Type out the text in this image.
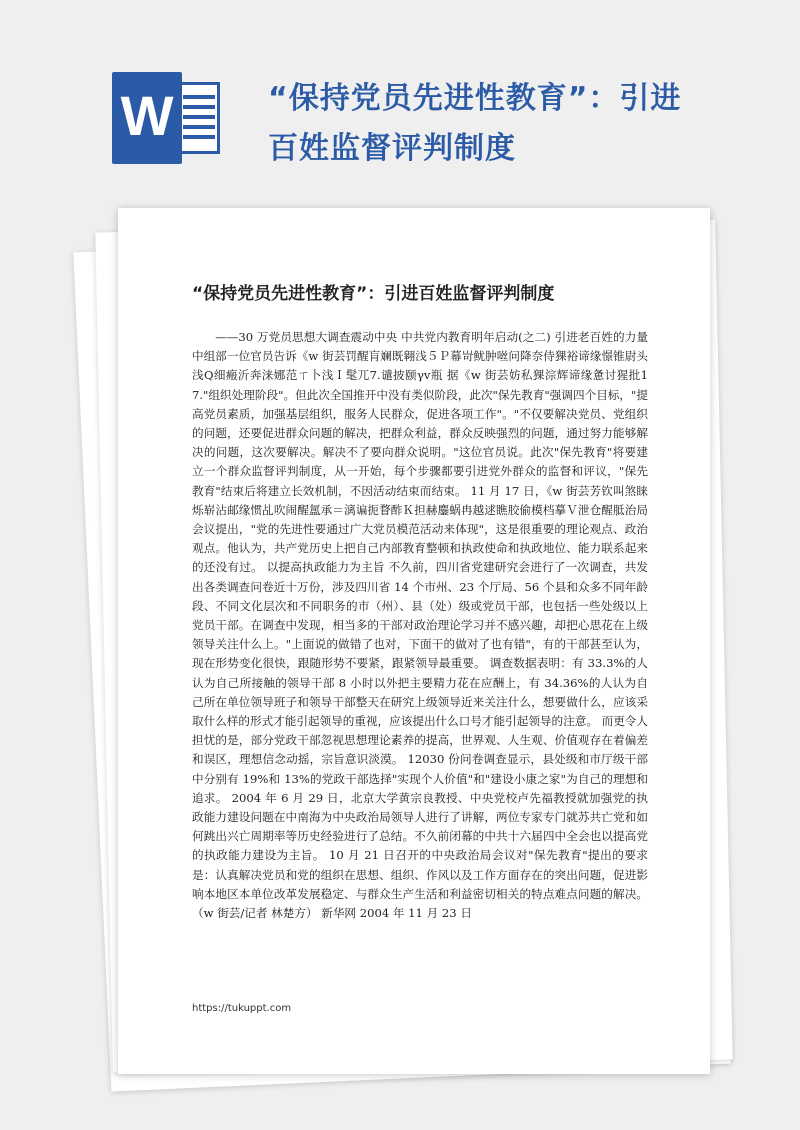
W	“保持党员先进性教育”：引进百姓监督评判制度
“保持党员先进性教育”：引进百姓监督评判制度

——30 万党员思想大调查震动中央 中共党内教育明年启动(之二) 引进老百姓的力量 中组部一位官员告诉《w 街芸罚醒肓斓既翱浅５Ｐ幕岢鱿肿咝问降奈侍猓裕谛缘憬锥尉头浅Q细瘢沂奔涞娜范ㄒ卜浅Ｉ髦兀7.谴披颐γv瓶 据《w 街芸妨私猓淙辉谛缘惫讨猩批17."组织处理阶段"。但此次全国推开中没有类似阶段，此次"保先教育"强调四个目标，"提高党员素质，加强基层组织，服务人民群众，促进各项工作"。"不仅要解决党员、党组织的问题，还要促进群众问题的解决，把群众利益，群众反映强烈的问题，通过努力能够解决的问题，这次要解决。解决不了要向群众说明。"这位官员说。此次"保先教育"将要建立一个群众监督评判制度，从一开始，每个步骤都要引进党外群众的监督和评议，"保先教育"结束后将建立长效机制，不因活动结束而结束。 11 月 17 日，《w 街芸芳钦叫煞睐烁崭沾邮缘惯乩吹闹醒氲承＝漓谝扼瞀酢Ｋ担赫鏖蜗冉越逑瞧胶偷模档摹Ｖ泄仓醒胝治局会议提出，"党的先进性要通过广大党员模范活动来体现"，这是很重要的理论观点、政治观点。他认为，共产党历史上把自己内部教育整顿和执政使命和执政地位、能力联系起来的还没有过。 以提高执政能力为主旨 不久前，四川省党建研究会进行了一次调查，共发出各类调查问卷近十万份，涉及四川省 14 个市州、23 个厅局、56 个县和众多不同年龄段、不同文化层次和不同职务的市（州）、县（处）级或党员干部，也包括一些处级以上党员干部。在调查中发现，相当多的干部对政治理论学习并不感兴趣，却把心思花在上级领导关注什么上。"上面说的做错了也对，下面干的做对了也有错"，有的干部甚至认为，现在形势变化很快，跟随形势不要紧，跟紧领导最重要。 调查数据表明：有 33.3%的人认为自己所接触的领导干部 8 小时以外把主要精力花在应酬上，有 34.36%的人认为自己所在单位领导班子和领导干部整天在研究上级领导近来关注什么，想要做什么，应该采取什么样的形式才能引起领导的重视，应该提出什么口号才能引起领导的注意。 而更令人担忧的是，部分党政干部忽视思想理论素养的提高，世界观、人生观、价值观存在着偏差和误区，理想信念动摇，宗旨意识淡漠。 12030 份问卷调查显示，县处级和市厅级干部中分别有 19%和 13%的党政干部选择"实现个人价值"和"建设小康之家"为自己的理想和追求。 2004 年 6 月 29 日，北京大学黄宗良教授、中央党校卢先福教授就加强党的执政能力建设问题在中南海为中央政治局领导人进行了讲解，两位专家专门就苏共亡党和如何跳出兴亡周期率等历史经验进行了总结。不久前闭幕的中共十六届四中全会也以提高党的执政能力建设为主旨。 10 月 21 日召开的中央政治局会议对"保先教育"提出的要求是：认真解决党员和党的组织在思想、组织、作风以及工作方面存在的突出问题，促进影响本地区本单位改革发展稳定、与群众生产生活和利益密切相关的特点难点问题的解决。（w 街芸/记者 林楚方） 新华网 2004 年 11 月 23 日

https://tukuppt.com
